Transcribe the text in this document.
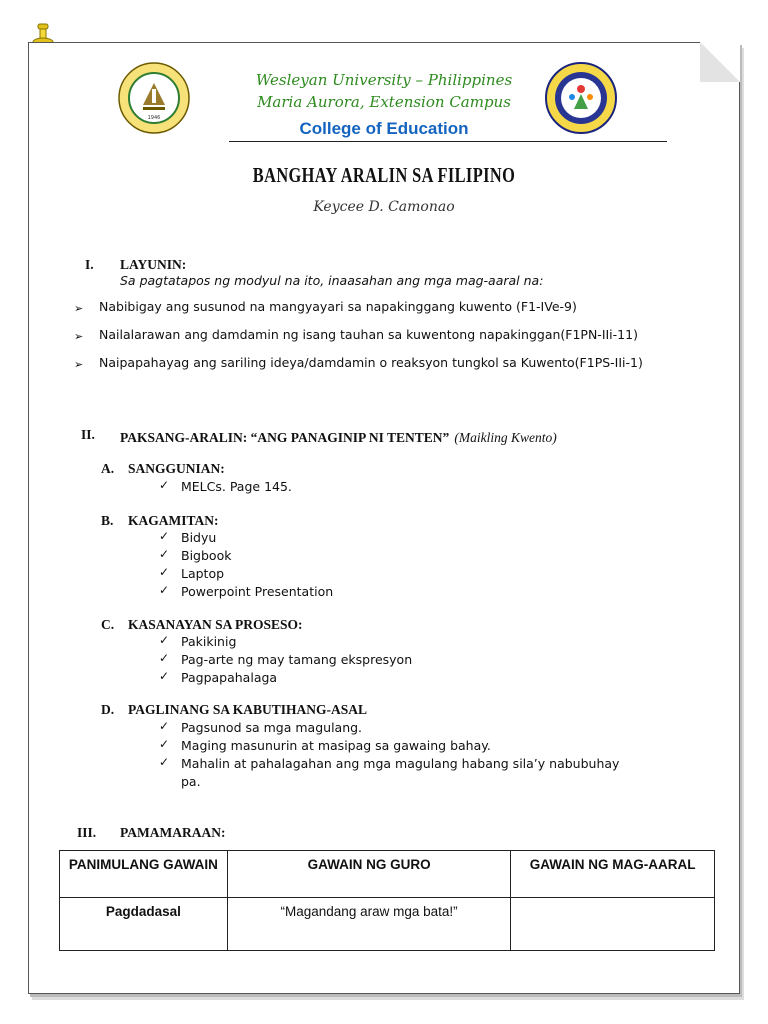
1946
Wesleyan University – Philippines
Maria Aurora, Extension Campus
College of Education
BANGHAY ARALIN SA FILIPINO
Keycee D. Camonao
I. LAYUNIN:
Sa pagtatapos ng modyul na ito, inaasahan ang mga mag-aaral na:
➢ Nabibigay ang susunod na mangyayari sa napakinggang kuwento (F1-IVe-9)
➢ Nailalarawan ang damdamin ng isang tauhan sa kuwentong napakinggan(F1PN-IIi-11)
➢ Naipapahayag ang sariling ideya/damdamin o reaksyon tungkol sa Kuwento(F1PS-IIi-1)
II. PAKSANG-ARALIN: “ANG PANAGINIP NI TENTEN” (Maikling Kwento)
A. SANGGUNIAN:
✓ MELCs. Page 145.
B. KAGAMITAN:
✓ Bidyu
✓ Bigbook
✓ Laptop
✓ Powerpoint Presentation
C. KASANAYAN SA PROSESO:
✓ Pakikinig
✓ Pag-arte ng may tamang ekspresyon
✓ Pagpapahalaga
D. PAGLINANG SA KABUTIHANG-ASAL
✓ Pagsunod sa mga magulang.
✓ Maging masunurin at masipag sa gawaing bahay.
✓ Mahalin at pahalagahan ang mga magulang habang sila’y nabubuhay
pa.
III. PAMAMARAAN:
PANIMULANG GAWAIN	GAWAIN NG GURO	GAWAIN NG MAG-AARAL
Pagdadasal	“Magandang araw mga bata!”	
